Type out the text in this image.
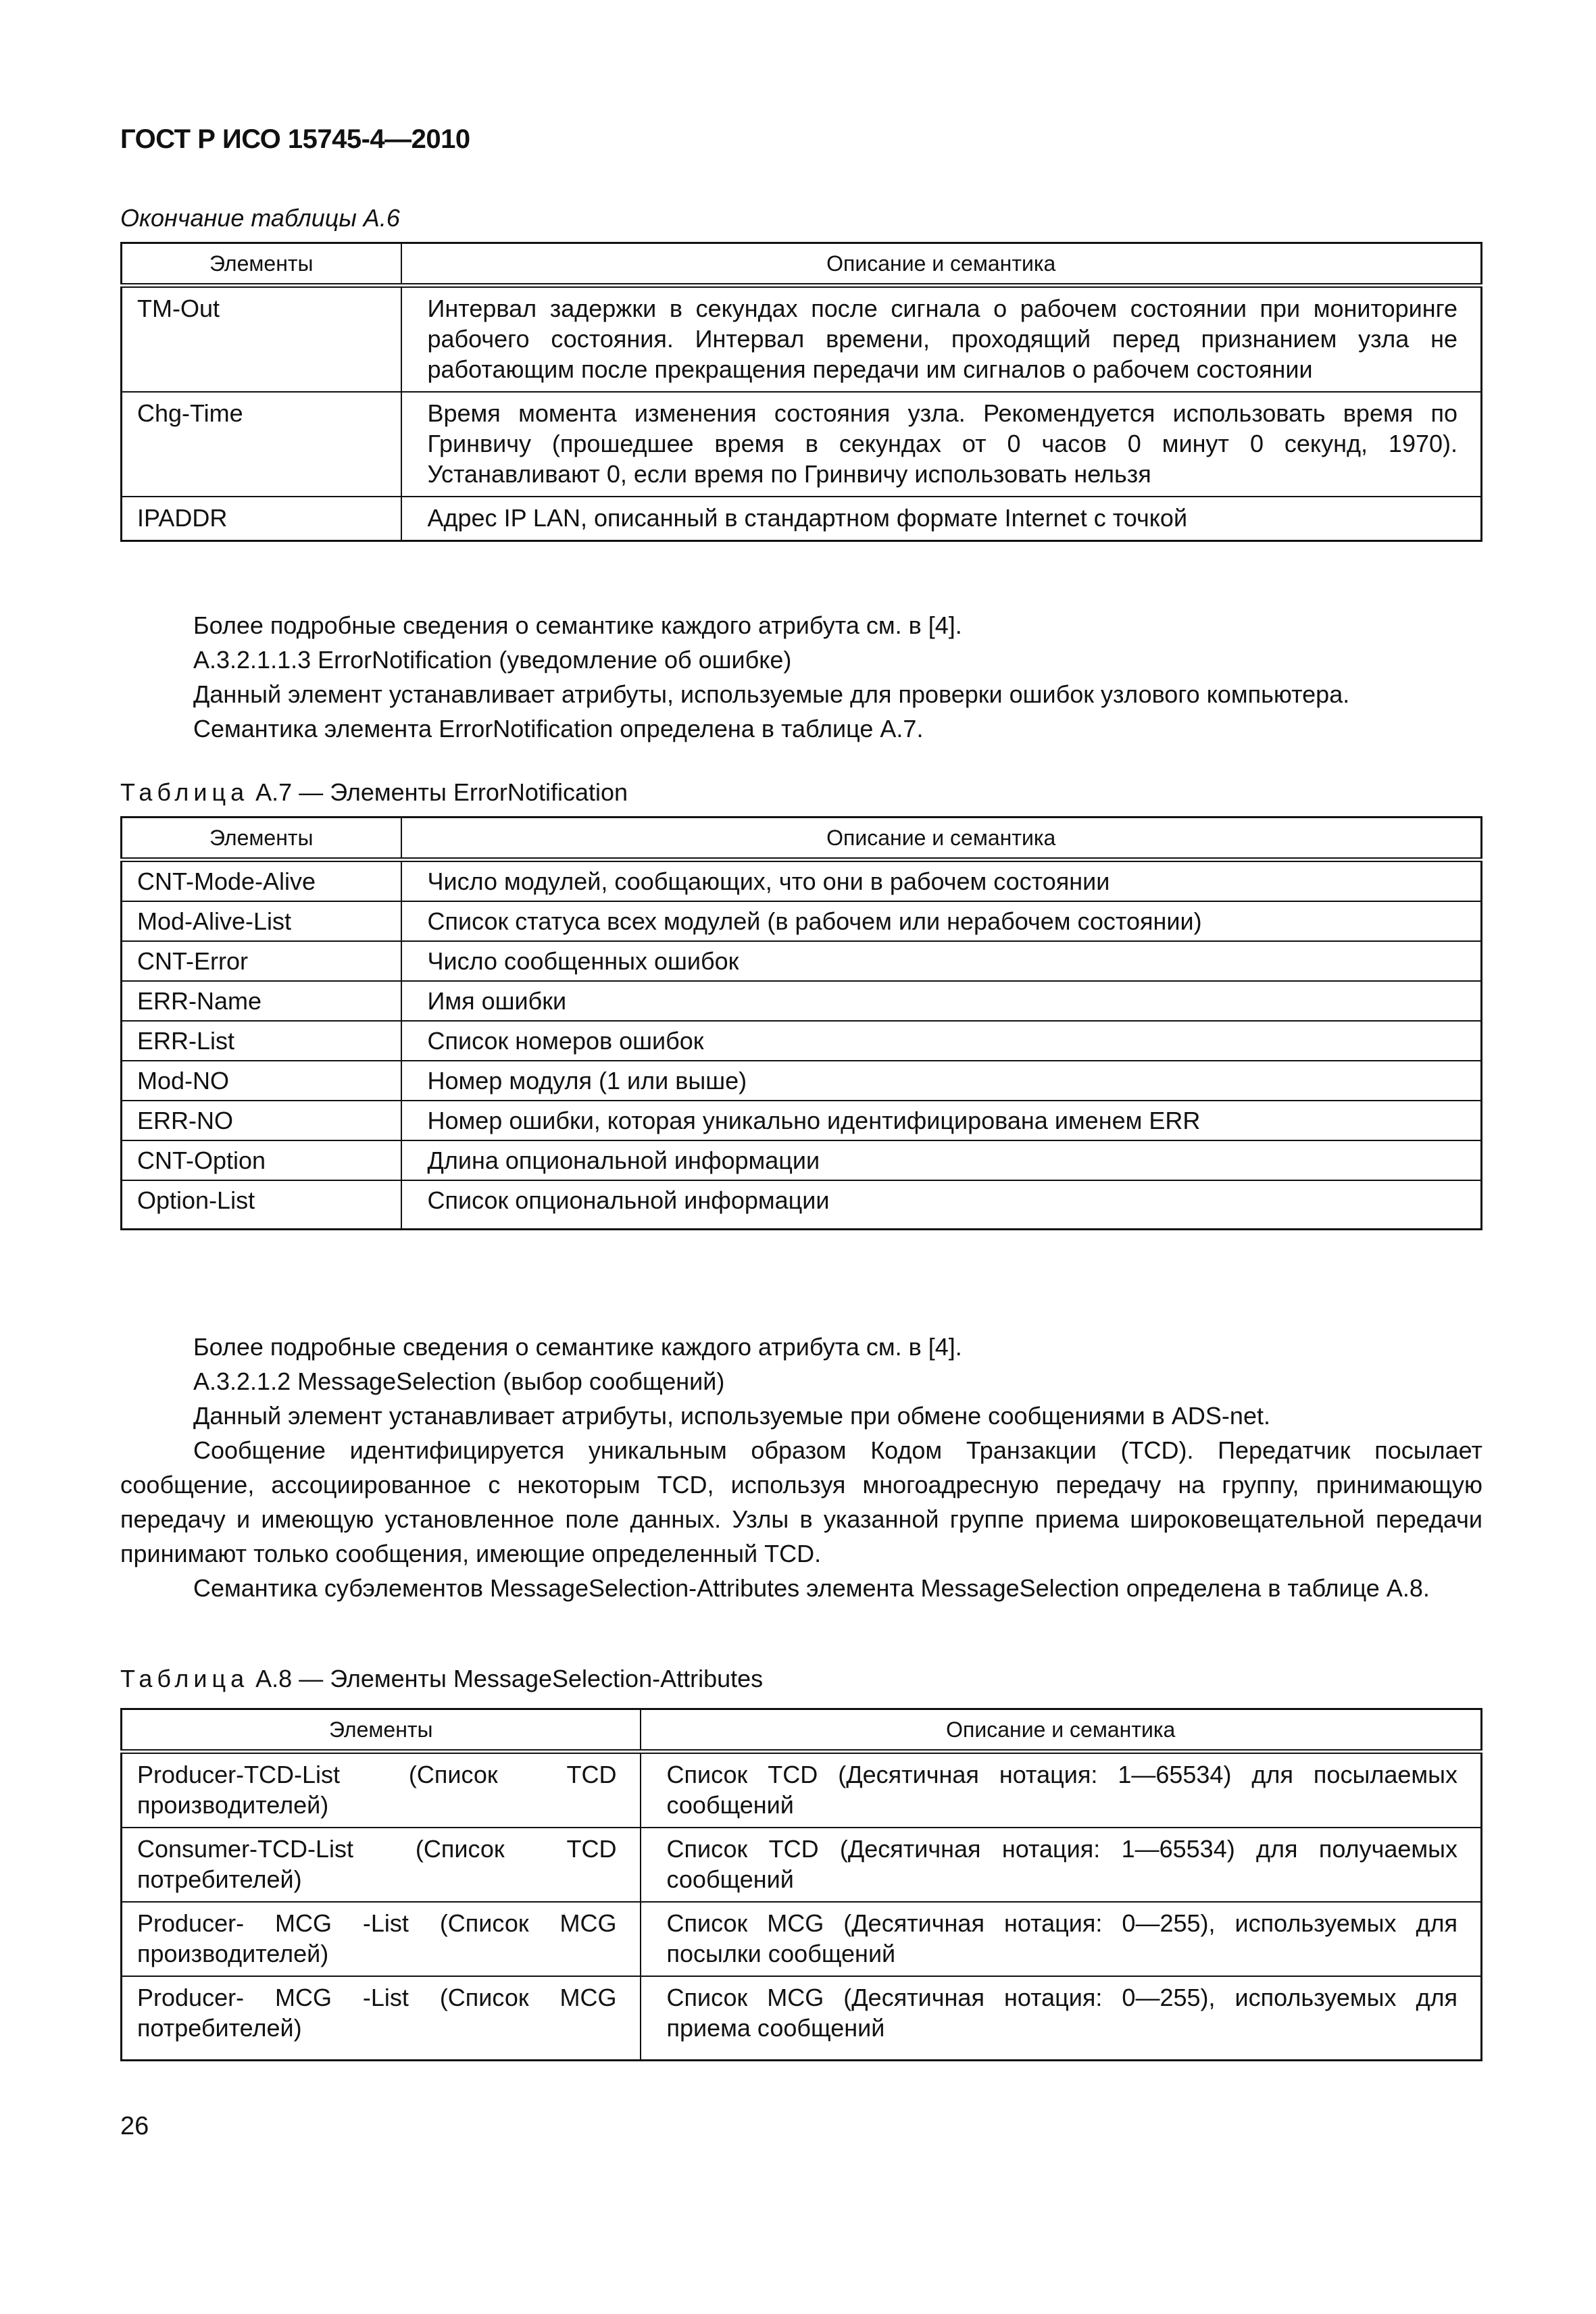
ГОСТ Р ИСО 15745-4—2010
Окончание таблицы А.6
Элементы	Описание и семантика
TM-Out	Интервал задержки в секундах после сигнала о рабочем состоянии при мониторинге рабочего состояния. Интервал времени, проходящий перед признанием узла не работающим после прекращения передачи им сигналов о рабочем состоянии
Chg-Time	Время момента изменения состояния узла. Рекомендуется использовать время по Гринвичу (прошедшее время в секундах от 0 часов 0 минут 0 секунд, 1970). Устанавливают 0, если время по Гринвичу использовать нельзя
IPADDR	Адрес IP LAN, описанный в стандартном формате Internet с точкой

Более подробные сведения о семантике каждого атрибута см. в [4].

А.3.2.1.1.3 ErrorNotification (уведомление об ошибке)

Данный элемент устанавливает атрибуты, используемые для проверки ошибок узлового компьютера.

Семантика элемента ErrorNotification определена в таблице А.7.

Таблица А.7 — Элементы ErrorNotification
Элементы	Описание и семантика
CNT-Mode-Alive	Число модулей, сообщающих, что они в рабочем состоянии
Mod-Alive-List	Список статуса всех модулей (в рабочем или нерабочем состоянии)
CNT-Error	Число сообщенных ошибок
ERR-Name	Имя ошибки
ERR-List	Список номеров ошибок
Mod-NO	Номер модуля (1 или выше)
ERR-NO	Номер ошибки, которая уникально идентифицирована именем ERR
CNT-Option	Длина опциональной информации
Option-List	Список опциональной информации

Более подробные сведения о семантике каждого атрибута см. в [4].

А.3.2.1.2 MessageSelection (выбор сообщений)

Данный элемент устанавливает атрибуты, используемые при обмене сообщениями в ADS-net.

Сообщение идентифицируется уникальным образом Кодом Транзакции (TCD). Передатчик посылает сообщение, ассоциированное с некоторым TCD, используя многоадресную передачу на группу, принимающую передачу и имеющую установленное поле данных. Узлы в указанной группе приема широковещательной передачи принимают только сообщения, имеющие определенный TCD.

Семантика субэлементов MessageSelection-Attributes элемента MessageSelection определена в таблице А.8.

Таблица А.8 — Элементы MessageSelection-Attributes
Элементы	Описание и семантика
Producer-TCD-List (Список TCD производителей)	Список TCD (Десятичная нотация: 1—65534) для посылаемых сообщений
Consumer-TCD-List (Список TCD потребителей)	Список TCD (Десятичная нотация: 1—65534) для получаемых сообщений
Producer- MCG -List (Список MCG производителей)	Список MCG (Десятичная нотация: 0—255), используемых для посылки сообщений
Producer- MCG -List (Список MCG потребителей)	Список MCG (Десятичная нотация: 0—255), используемых для приема сообщений
26
